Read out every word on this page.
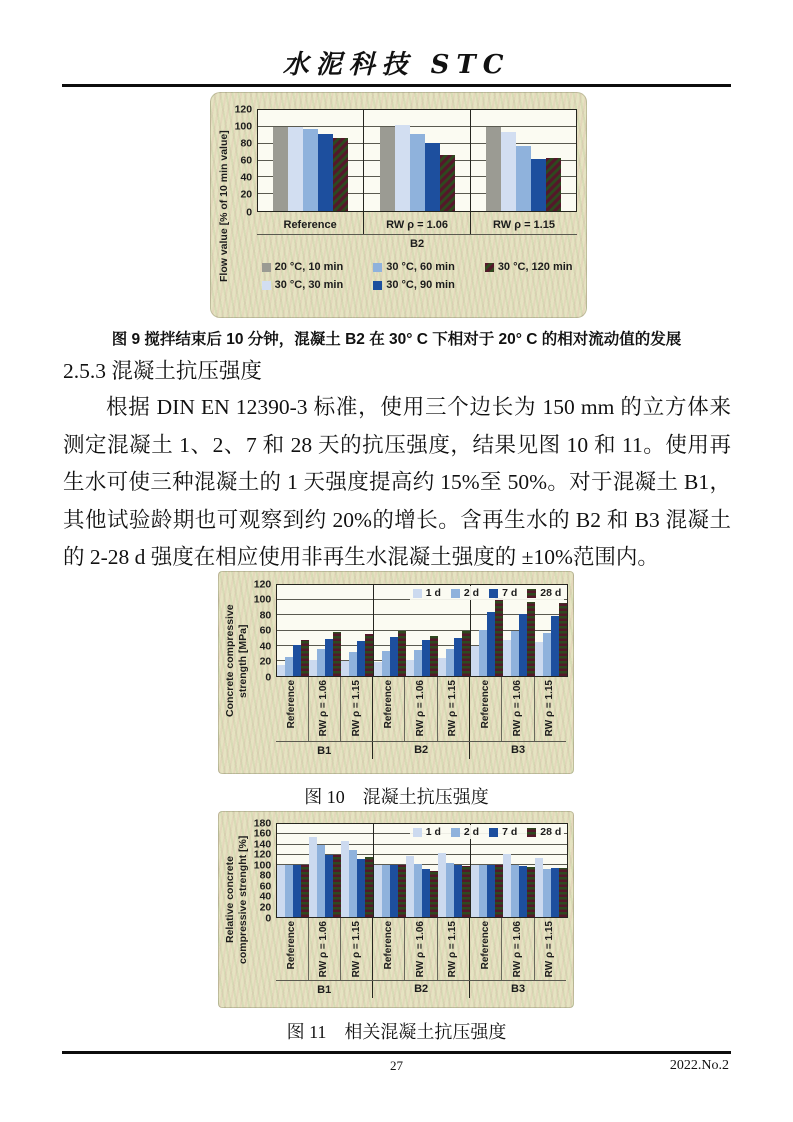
水泥科技 STC
Flow value [% of 10 min value] 0
20
40
60
80
100
120
Reference	RW ρ = 1.06	RW ρ = 1.15
B2
20 °C, 10 min	30 °C, 60 min	30 °C, 120 min
30 °C, 30 min	30 °C, 90 min
图 9 搅拌结束后 10 分钟，混凝土 B2 在 30° C 下相对于 20° C 的相对流动值的发展
2.5.3 混凝土抗压强度
根据 DIN EN 12390-3 标准，使用三个边长为 150 mm 的立方体来测定混凝土 1、2、7 和 28 天的抗压强度，结果见图 10 和 11。使用再生水可使三种混凝土的 1 天强度提高约 15%至 50%。对于混凝土 B1，其他试验龄期也可观察到约 20%的增长。含再生水的 B2 和 B3 混凝土的 2-28 d 强度在相应使用非再生水混凝土强度的 ±10%范围内。
Concrete compressive strength [MPa] 0
20
40
60
80
100
120
1 d 2 d 7 d 28 d
Reference RW ρ = 1.06 RW ρ = 1.15 Reference RW ρ = 1.06 RW ρ = 1.15 Reference RW ρ = 1.06 RW ρ = 1.15
B1	B2	B3
图 10　混凝土抗压强度
Relative concrete compressive strenght [%] 0
20
40
60
80
100
120
140
160
180
1 d 2 d 7 d 28 d
Reference RW ρ = 1.06 RW ρ = 1.15 Reference RW ρ = 1.06 RW ρ = 1.15 Reference RW ρ = 1.06 RW ρ = 1.15
B1	B2	B3
图 11　相关混凝土抗压强度
27	2022.No.2
